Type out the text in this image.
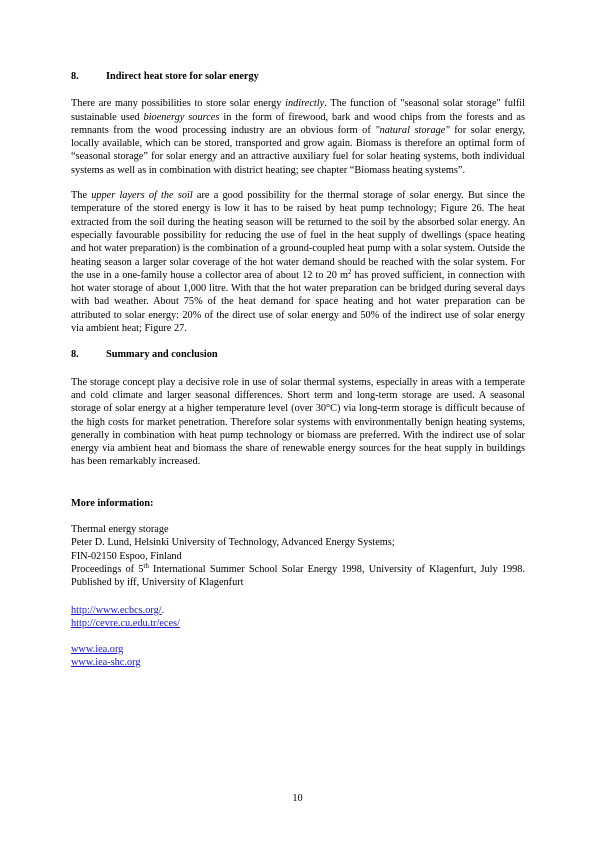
8.	Indirect heat store for solar energy

There are many possibilities to store solar energy indirectly. The function of "seasonal solar storage" fulfil sustainable used bioenergy sources in the form of firewood, bark and wood chips from the forests and as remnants from the wood processing industry are an obvious form of "natural storage" for solar energy, locally available, which can be stored, transported and grow again. Biomass is therefore an optimal form of “seasonal storage” for solar energy and an attractive auxiliary fuel for solar heating systems, both individual systems as well as in combination with district heating; see chapter “Biomass heating systems”.

The upper layers of the soil are a good possibility for the thermal storage of solar energy. But since the temperature of the stored energy is low it has to be raised by heat pump technology; Figure 26. The heat extracted from the soil during the heating season will be returned to the soil by the absorbed solar energy. An especially favourable possibility for reducing the use of fuel in the heat supply of dwellings (space heating and hot water preparation) is the combination of a ground-coupled heat pump with a solar system. Outside the heating season a larger solar coverage of the hot water demand should be reached with the solar system. For the use in a one-family house a collector area of about 12 to 20 $m^2$ has proved sufficient, in connection with hot water storage of about 1,000 litre. With that the hot water preparation can be bridged during several days with bad weather. About 75% of the heat demand for space heating and hot water preparation can be attributed to solar energy: 20% of the direct use of solar energy and 50% of the indirect use of solar energy via ambient heat; Figure 27.

8.	Summary and conclusion

The storage concept play a decisive role in use of solar thermal systems, especially in areas with a temperate and cold climate and larger seasonal differences. Short term and long-term storage are used. A seasonal storage of solar energy at a higher temperature level (over 30°C) via long-term storage is difficult because of the high costs for market penetration. Therefore solar systems with environmentally benign heating systems, generally in combination with heat pump technology or biomass are preferred. With the indirect use of solar energy via ambient heat and biomass the share of renewable energy sources for the heat supply in buildings has been remarkably increased.

More information:
Thermal energy storage
Peter D. Lund, Helsinki University of Technology, Advanced Energy Systems;
FIN-02150 Espoo, Finland

Proceedings of 5th International Summer School Solar Energy 1998, University of Klagenfurt, July 1998. Published by iff, University of Klagenfurt

http://www.ecbcs.org/.
http://cevre.cu.edu.tr/eces/
www.iea.org
www.iea-shc.org
10
